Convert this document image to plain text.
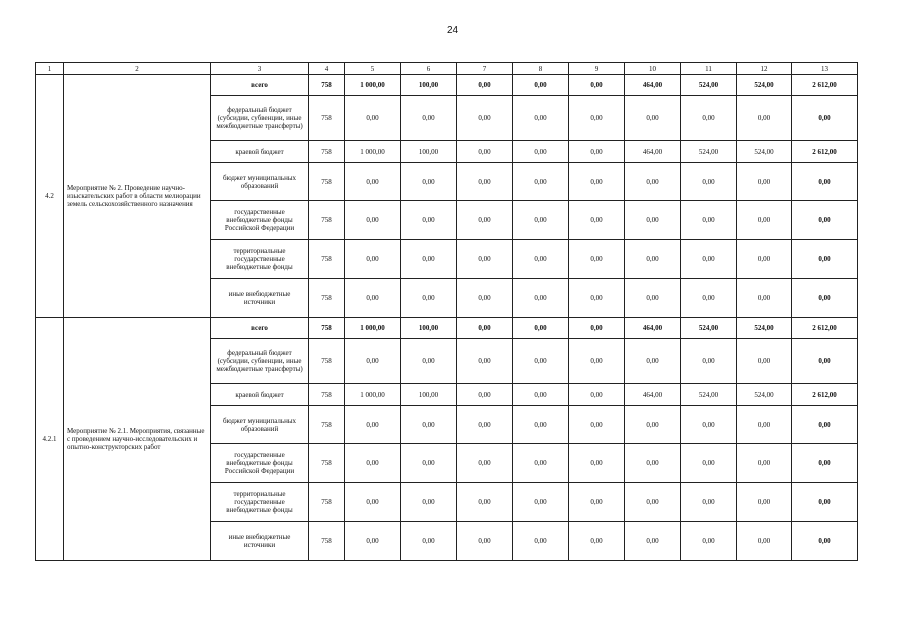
24
1	2	3	4	5	6	7	8	9	10	11	12	13
4.2	Мероприятие № 2. Проведение научно-изыскательских работ в области мелиорации земель сельскохозяйственного назначения	всего	758	1 000,00	100,00	0,00	0,00	0,00	464,00	524,00	524,00	2 612,00
		федеральный бюджет (субсидии, субвенции, иные межбюджетные трансферты)	758	0,00	0,00	0,00	0,00	0,00	0,00	0,00	0,00	0,00
		краевой бюджет	758	1 000,00	100,00	0,00	0,00	0,00	464,00	524,00	524,00	2 612,00
		бюджет муниципальных образований	758	0,00	0,00	0,00	0,00	0,00	0,00	0,00	0,00	0,00
		государственные внебюджетные фонды Российской Федерации	758	0,00	0,00	0,00	0,00	0,00	0,00	0,00	0,00	0,00
		территориальные государственные внебюджетные фонды	758	0,00	0,00	0,00	0,00	0,00	0,00	0,00	0,00	0,00
		иные внебюджетные источники	758	0,00	0,00	0,00	0,00	0,00	0,00	0,00	0,00	0,00
4.2.1	Мероприятие № 2.1. Мероприятия, связанные с проведением научно-исследовательских и опытно-конструкторских работ	всего	758	1 000,00	100,00	0,00	0,00	0,00	464,00	524,00	524,00	2 612,00
		федеральный бюджет (субсидии, субвенции, иные межбюджетные трансферты)	758	0,00	0,00	0,00	0,00	0,00	0,00	0,00	0,00	0,00
		краевой бюджет	758	1 000,00	100,00	0,00	0,00	0,00	464,00	524,00	524,00	2 612,00
		бюджет муниципальных образований	758	0,00	0,00	0,00	0,00	0,00	0,00	0,00	0,00	0,00
		государственные внебюджетные фонды Российской Федерации	758	0,00	0,00	0,00	0,00	0,00	0,00	0,00	0,00	0,00
		территориальные государственные внебюджетные фонды	758	0,00	0,00	0,00	0,00	0,00	0,00	0,00	0,00	0,00
		иные внебюджетные источники	758	0,00	0,00	0,00	0,00	0,00	0,00	0,00	0,00	0,00
